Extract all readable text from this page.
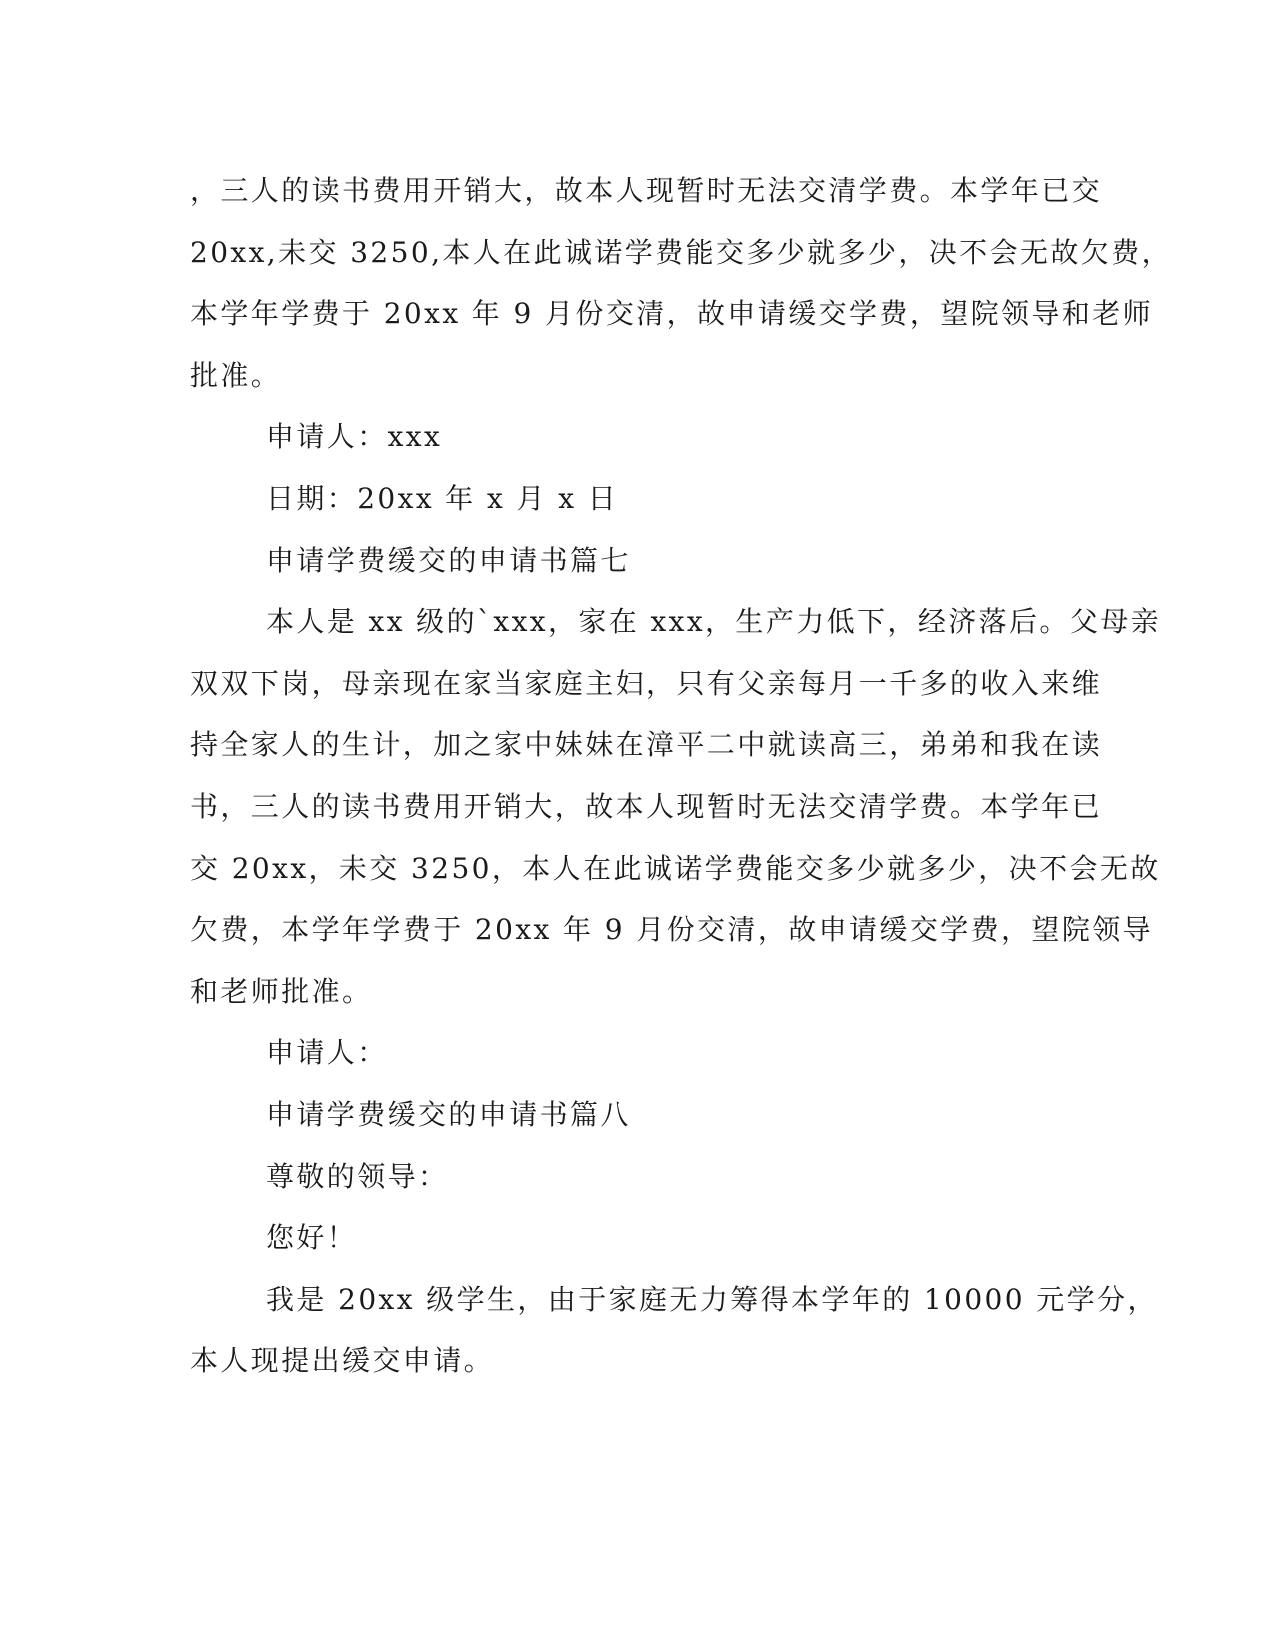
，三人的读书费用开销大，故本人现暂时无法交清学费。本学年已交
20xx,未交 3250,本人在此诚诺学费能交多少就多少，决不会无故欠费，
本学年学费于 20xx 年 9 月份交清，故申请缓交学费，望院领导和老师
批准。
申请人：xxx
日期：20xx 年 x 月 x 日
申请学费缓交的申请书篇七
本人是 xx 级的`xxx，家在 xxx，生产力低下，经济落后。父母亲
双双下岗，母亲现在家当家庭主妇，只有父亲每月一千多的收入来维
持全家人的生计，加之家中妹妹在漳平二中就读高三，弟弟和我在读
书，三人的读书费用开销大，故本人现暂时无法交清学费。本学年已
交 20xx，未交 3250，本人在此诚诺学费能交多少就多少，决不会无故
欠费，本学年学费于 20xx 年 9 月份交清，故申请缓交学费，望院领导
和老师批准。
申请人：
申请学费缓交的申请书篇八
尊敬的领导：
您好！
我是 20xx 级学生，由于家庭无力筹得本学年的 10000 元学分，
本人现提出缓交申请。
